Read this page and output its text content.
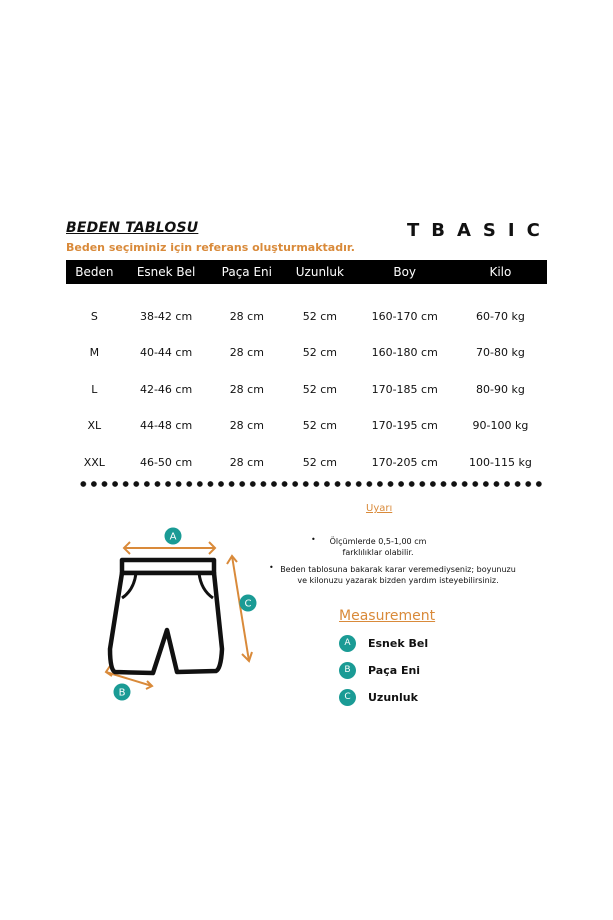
BEDEN TABLOSU
Beden seçiminiz için referans oluşturmaktadır.
TBASIC
Beden	Esnek Bel	Paça Eni	Uzunluk	Boy	Kilo
S	38-42 cm	28 cm	52 cm	160-170 cm	60-70 kg
M	40-44 cm	28 cm	52 cm	160-180 cm	70-80 kg
L	42-46 cm	28 cm	52 cm	170-185 cm	80-90 kg
XL	44-48 cm	28 cm	52 cm	170-195 cm	90-100 kg
XXL	46-50 cm	28 cm	52 cm	170-205 cm	100-115 kg
Uyarı
•	Ölçümlerde 0,5-1,00 cm farklılıklar olabilir.
• Beden tablosuna bakarak karar veremediyseniz; boyunuzu ve kilonuzu yazarak bizden yardım isteyebilirsiniz.
A
C
B
Measurement
A	Esnek Bel
B	Paça Eni
C	Uzunluk
